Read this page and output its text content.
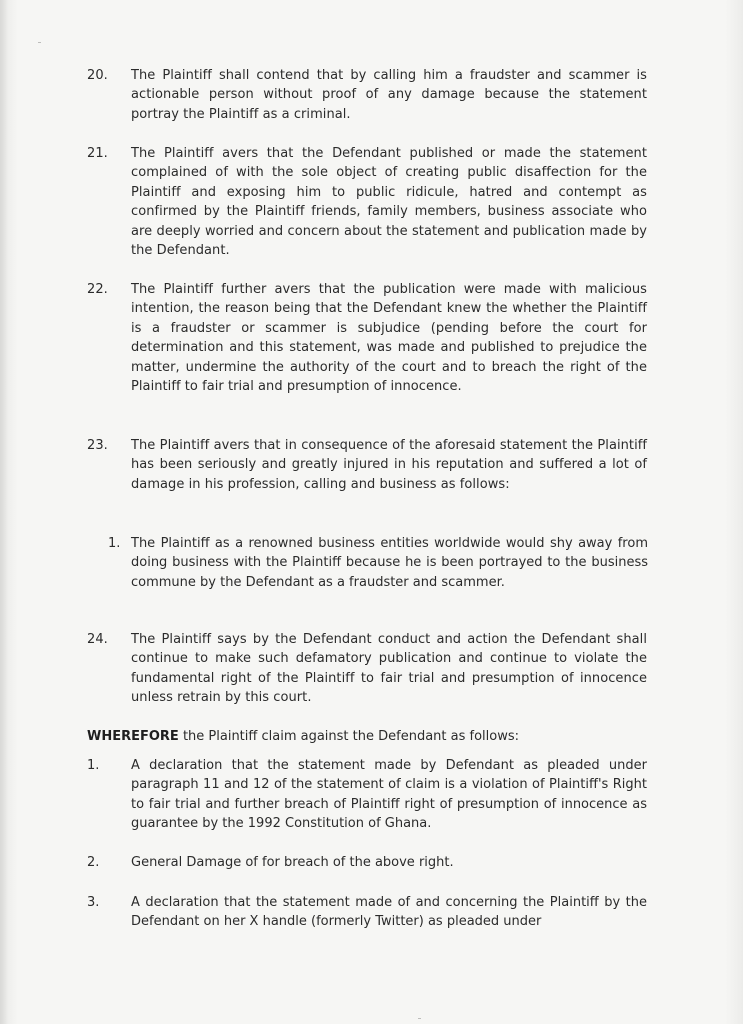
20. The Plaintiff shall contend that by calling him a fraudster and scammer is actionable person without proof of any damage because the statement portray the Plaintiff as a criminal.
21. The Plaintiff avers that the Defendant published or made the statement complained of with the sole object of creating public disaffection for the Plaintiff and exposing him to public ridicule, hatred and contempt as confirmed by the Plaintiff friends, family members, business associate who are deeply worried and concern about the statement and publication made by the Defendant.
22. The Plaintiff further avers that the publication were made with malicious intention, the reason being that the Defendant knew the whether the Plaintiff is a fraudster or scammer is subjudice (pending before the court for determination and this statement, was made and published to prejudice the matter, undermine the authority of the court and to breach the right of the Plaintiff to fair trial and presumption of innocence.
23. The Plaintiff avers that in consequence of the aforesaid statement the Plaintiff has been seriously and greatly injured in his reputation and suffered a lot of damage in his profession, calling and business as follows:
1. The Plaintiff as a renowned business entities worldwide would shy away from doing business with the Plaintiff because he is been portrayed to the business commune by the Defendant as a fraudster and scammer.
24. The Plaintiff says by the Defendant conduct and action the Defendant shall continue to make such defamatory publication and continue to violate the fundamental right of the Plaintiff to fair trial and presumption of innocence unless retrain by this court.
WHEREFORE the Plaintiff claim against the Defendant as follows:
1. A declaration that the statement made by Defendant as pleaded under paragraph 11 and 12 of the statement of claim is a violation of Plaintiff's Right to fair trial and further breach of Plaintiff right of presumption of innocence as guarantee by the 1992 Constitution of Ghana.
2. General Damage of for breach of the above right.
3. A declaration that the statement made of and concerning the Plaintiff by the Defendant on her X handle (formerly Twitter) as pleaded under
